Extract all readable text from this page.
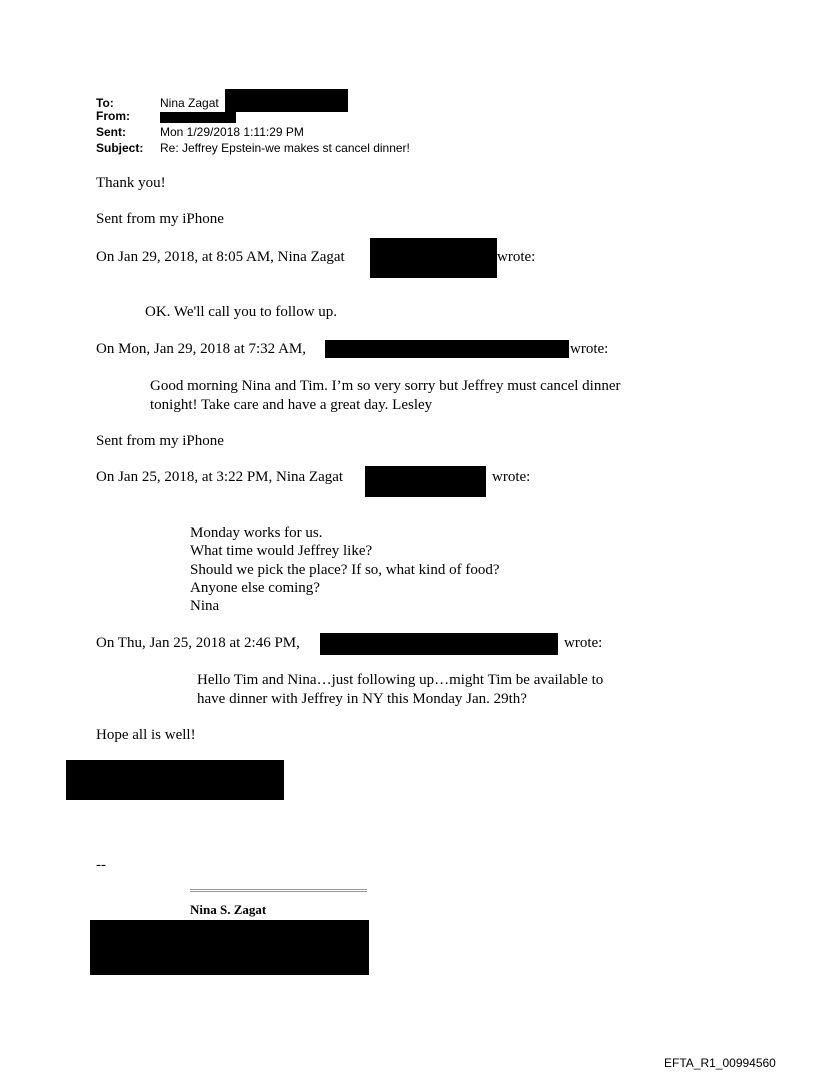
To:	Nina Zagat
From:
Sent:	Mon 1/29/2018 1:11:29 PM
Subject: Re: Jeffrey Epstein-we makes st cancel dinner!
Thank you!
Sent from my iPhone
On Jan 29, 2018, at 8:05 AM, Nina Zagat	wrote:
OK. We'll call you to follow up.
On Mon, Jan 29, 2018 at 7:32 AM,	wrote:
Good morning Nina and Tim. I’m so very sorry but Jeffrey must cancel dinner
tonight! Take care and have a great day. Lesley
Sent from my iPhone
On Jan 25, 2018, at 3:22 PM, Nina Zagat	wrote:
Monday works for us.
What time would Jeffrey like?
Should we pick the place? If so, what kind of food?
Anyone else coming?
Nina
On Thu, Jan 25, 2018 at 2:46 PM,	wrote:
Hello Tim and Nina…just following up…might Tim be available to
have dinner with Jeffrey in NY this Monday Jan. 29th?
Hope all is well!
--
Nina S. Zagat
EFTA_R1_00994560
